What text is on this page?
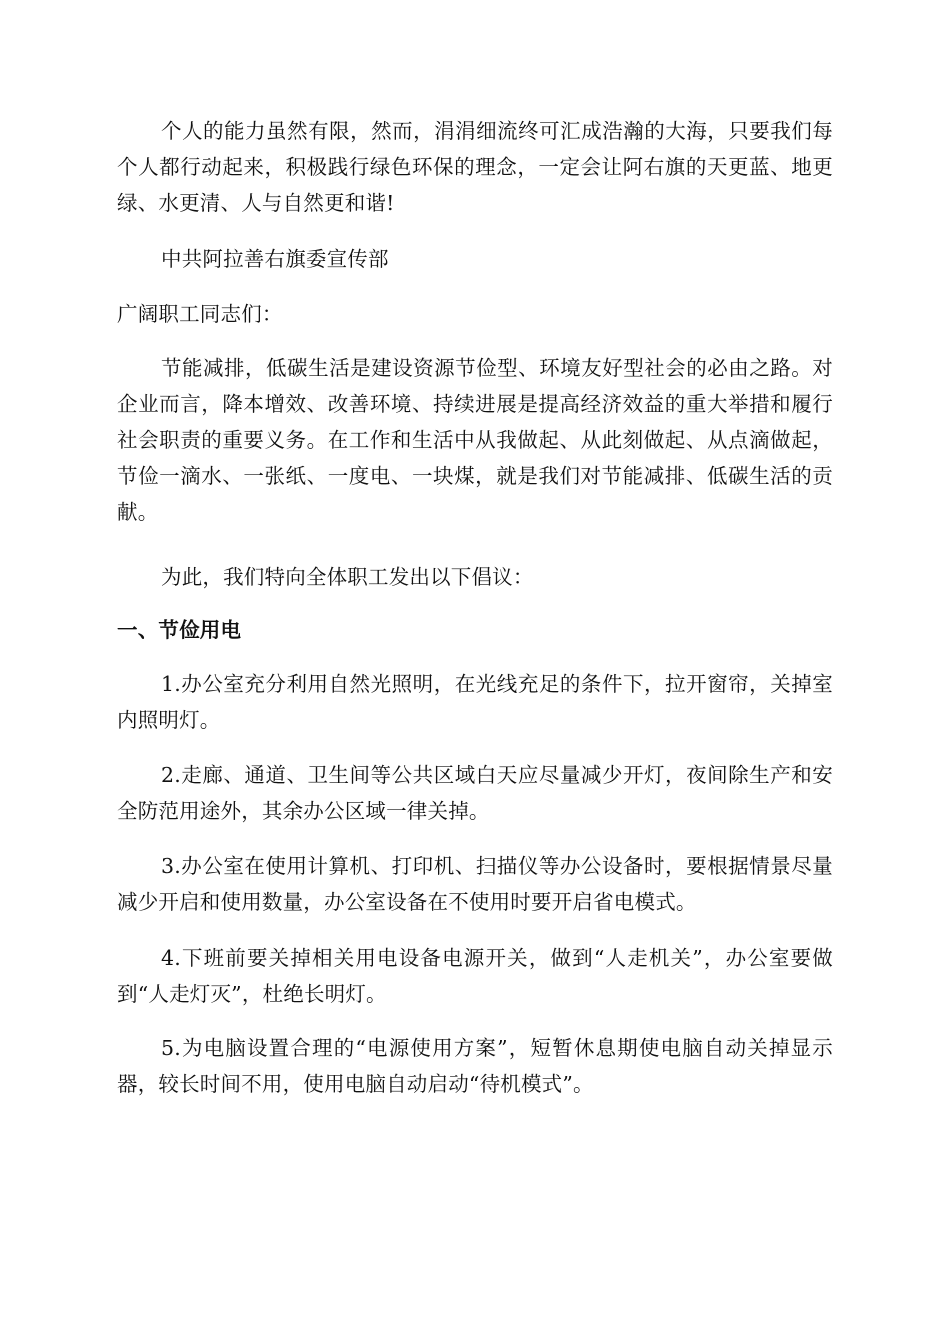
个人的能力虽然有限，然而，涓涓细流终可汇成浩瀚的大海，只要我们每个人都行动起来，积极践行绿色环保的理念，一定会让阿右旗的天更蓝、地更绿、水更清、人与自然更和谐!

中共阿拉善右旗委宣传部

广阔职工同志们：

节能减排，低碳生活是建设资源节俭型、环境友好型社会的必由之路。对企业而言，降本增效、改善环境、持续进展是提高经济效益的重大举措和履行社会职责的重要义务。在工作和生活中从我做起、从此刻做起、从点滴做起，节俭一滴水、一张纸、一度电、一块煤，就是我们对节能减排、低碳生活的贡献。

为此，我们特向全体职工发出以下倡议：

一、节俭用电

1.办公室充分利用自然光照明，在光线充足的条件下，拉开窗帘，关掉室内照明灯。

2.走廊、通道、卫生间等公共区域白天应尽量减少开灯，夜间除生产和安全防范用途外，其余办公区域一律关掉。

3.办公室在使用计算机、打印机、扫描仪等办公设备时，要根据情景尽量减少开启和使用数量，办公室设备在不使用时要开启省电模式。

4.下班前要关掉相关用电设备电源开关，做到“人走机关”，办公室要做到“人走灯灭”，杜绝长明灯。

5.为电脑设置合理的“电源使用方案”，短暂休息期使电脑自动关掉显示器，较长时间不用，使用电脑自动启动“待机模式”。
